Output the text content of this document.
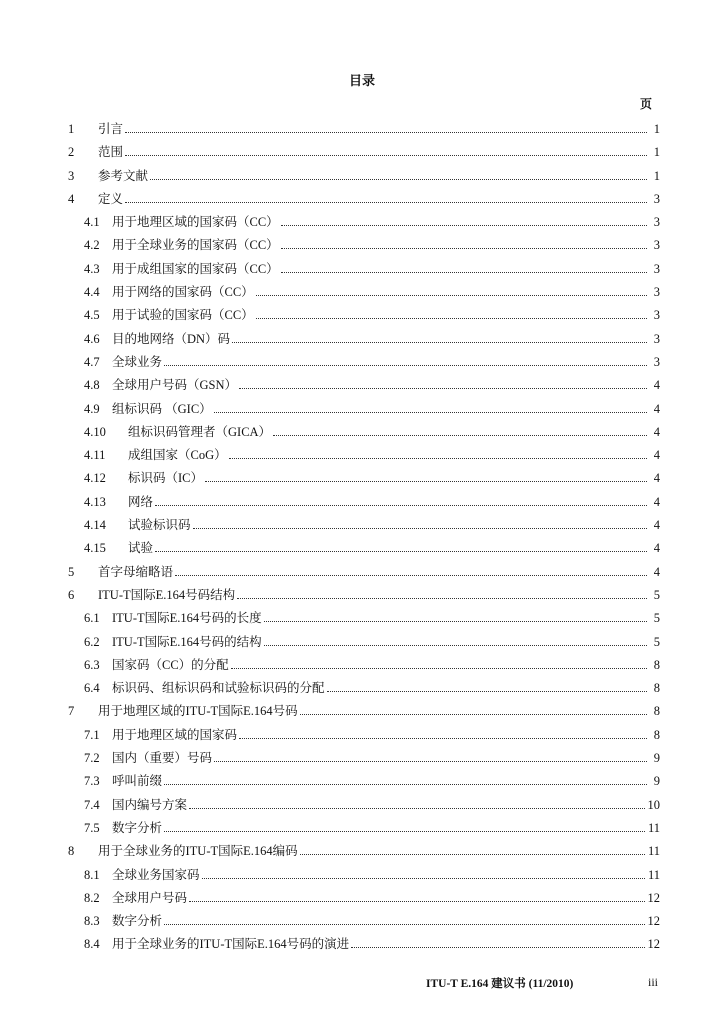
目录
页
1	引言	1
2	范围	1
3	参考文献	1
4	定义	3
4.1 用于地理区域的国家码（CC）	3
4.2 用于全球业务的国家码（CC）	3
4.3 用于成组国家的国家码（CC）	3
4.4 用于网络的国家码（CC）	3
4.5 用于试验的国家码（CC）	3
4.6 目的地网络（DN）码	3
4.7 全球业务	3
4.8 全球用户号码（GSN）	4
4.9 组标识码 （GIC）	4
4.10	组标识码管理者（GICA）	4
4.11	成组国家（CoG）	4
4.12	标识码（IC）	4
4.13	网络	4
4.14	试验标识码	4
4.15	试验	4
5	首字母缩略语	4
6	ITU-T国际E.164号码结构	5
6.1 ITU-T国际E.164号码的长度	5
6.2 ITU-T国际E.164号码的结构	5
6.3 国家码（CC）的分配	8
6.4 标识码、组标识码和试验标识码的分配	8
7	用于地理区域的ITU-T国际E.164号码	8
7.1 用于地理区域的国家码	8
7.2 国内（重要）号码	9
7.3 呼叫前缀	9
7.4 国内编号方案	10
7.5 数字分析	11
8	用于全球业务的ITU-T国际E.164编码	11
8.1 全球业务国家码	11
8.2 全球用户号码	12
8.3 数字分析	12
8.4 用于全球业务的ITU-T国际E.164号码的演进	12
ITU-T E.164 建议书 (11/2010)	iii
